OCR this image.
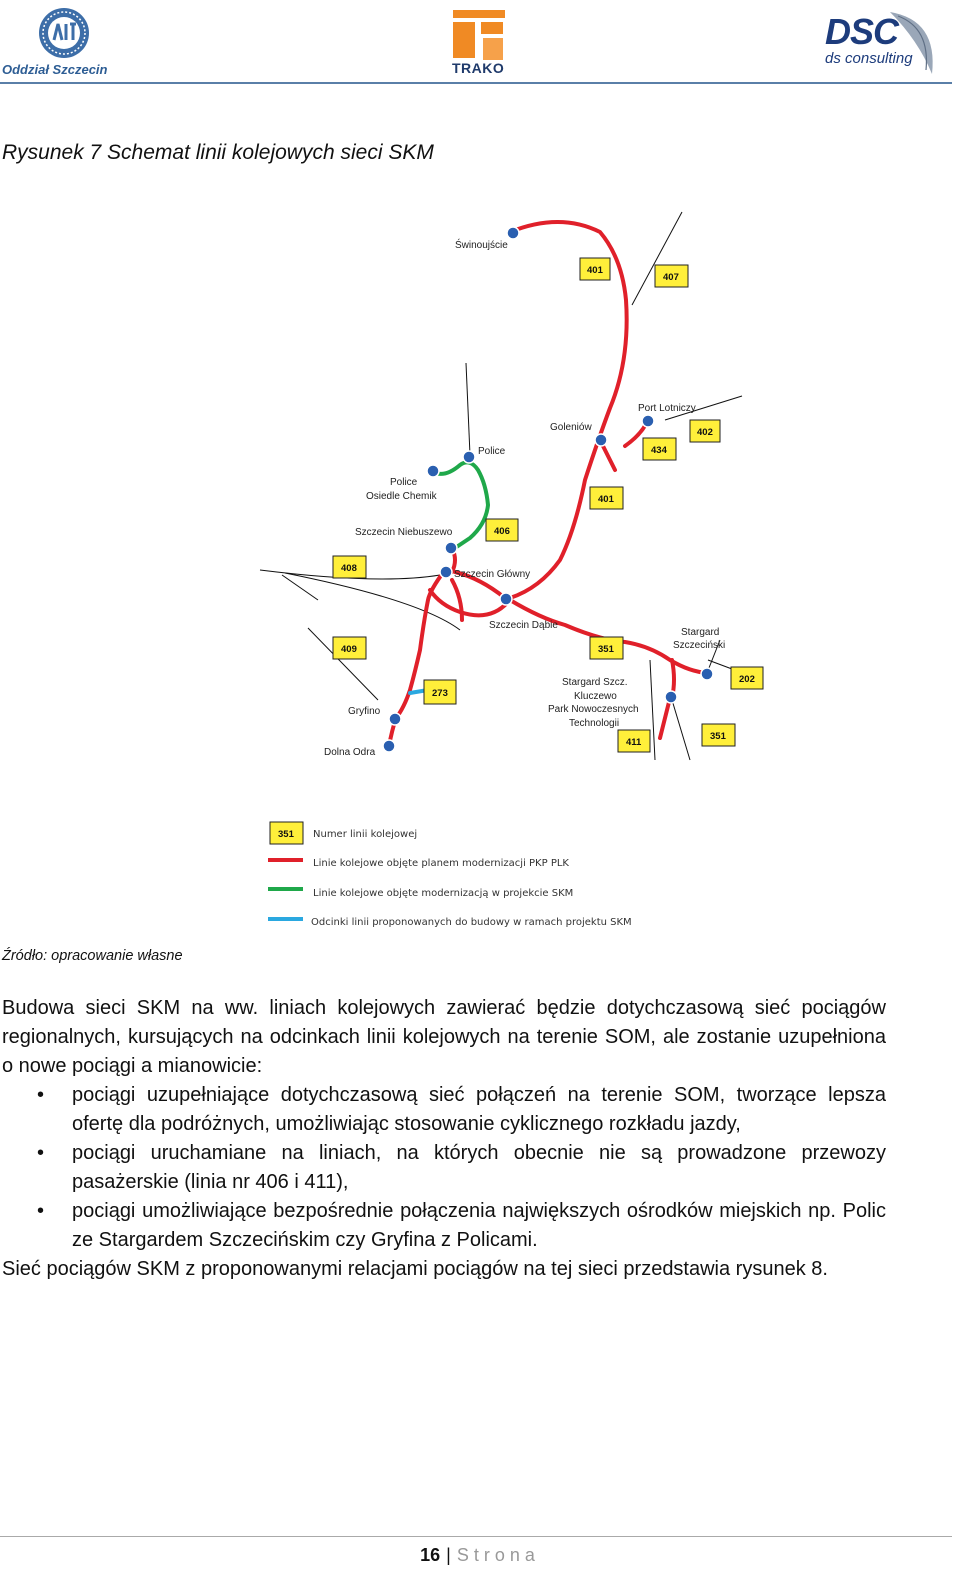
Oddział Szczecin	TRAKO
DSC
ds consulting
Rysunek 7 Schemat linii kolejowych sieci SKM
Świnoujście
Goleniów
Port Lotniczy
Police
Police
Osiedle Chemik
Szczecin Niebuszewo
Szczecin Główny
Szczecin Dąbie
Stargard
Szczeciński
Gryfino
Dolna Odra
Stargard Szcz.
Kluczewo
Park Nowoczesnych
Technologii
401
407
402
434
401
406
408
409	351
273
411
202
351
351 Numer linii kolejowej
Linie kolejowe objęte planem modernizacji PKP PLK
Linie kolejowe objęte modernizacją w projekcie SKM
Odcinki linii proponowanych do budowy w ramach projektu SKM
Źródło: opracowanie własne

Budowa sieci SKM na ww. liniach kolejowych zawierać będzie dotychczasową sieć pociągów regionalnych, kursujących na odcinkach linii kolejowych na terenie SOM, ale zostanie uzupełniona o nowe pociągi a mianowicie:

• pociągi uzupełniające dotychczasową sieć połączeń na terenie SOM, tworzące lepsza ofertę dla podróżnych, umożliwiając stosowanie cyklicznego rozkładu jazdy,
• pociągi uruchamiane na liniach, na których obecnie nie są prowadzone przewozy pasażerskie (linia nr 406 i 411),
• pociągi umożliwiające bezpośrednie połączenia największych ośrodków miejskich np. Polic ze Stargardem Szczecińskim czy Gryfina z Policami.

Sieć pociągów SKM z proponowanymi relacjami pociągów na tej sieci przedstawia rysunek 8.

16 | Strona
